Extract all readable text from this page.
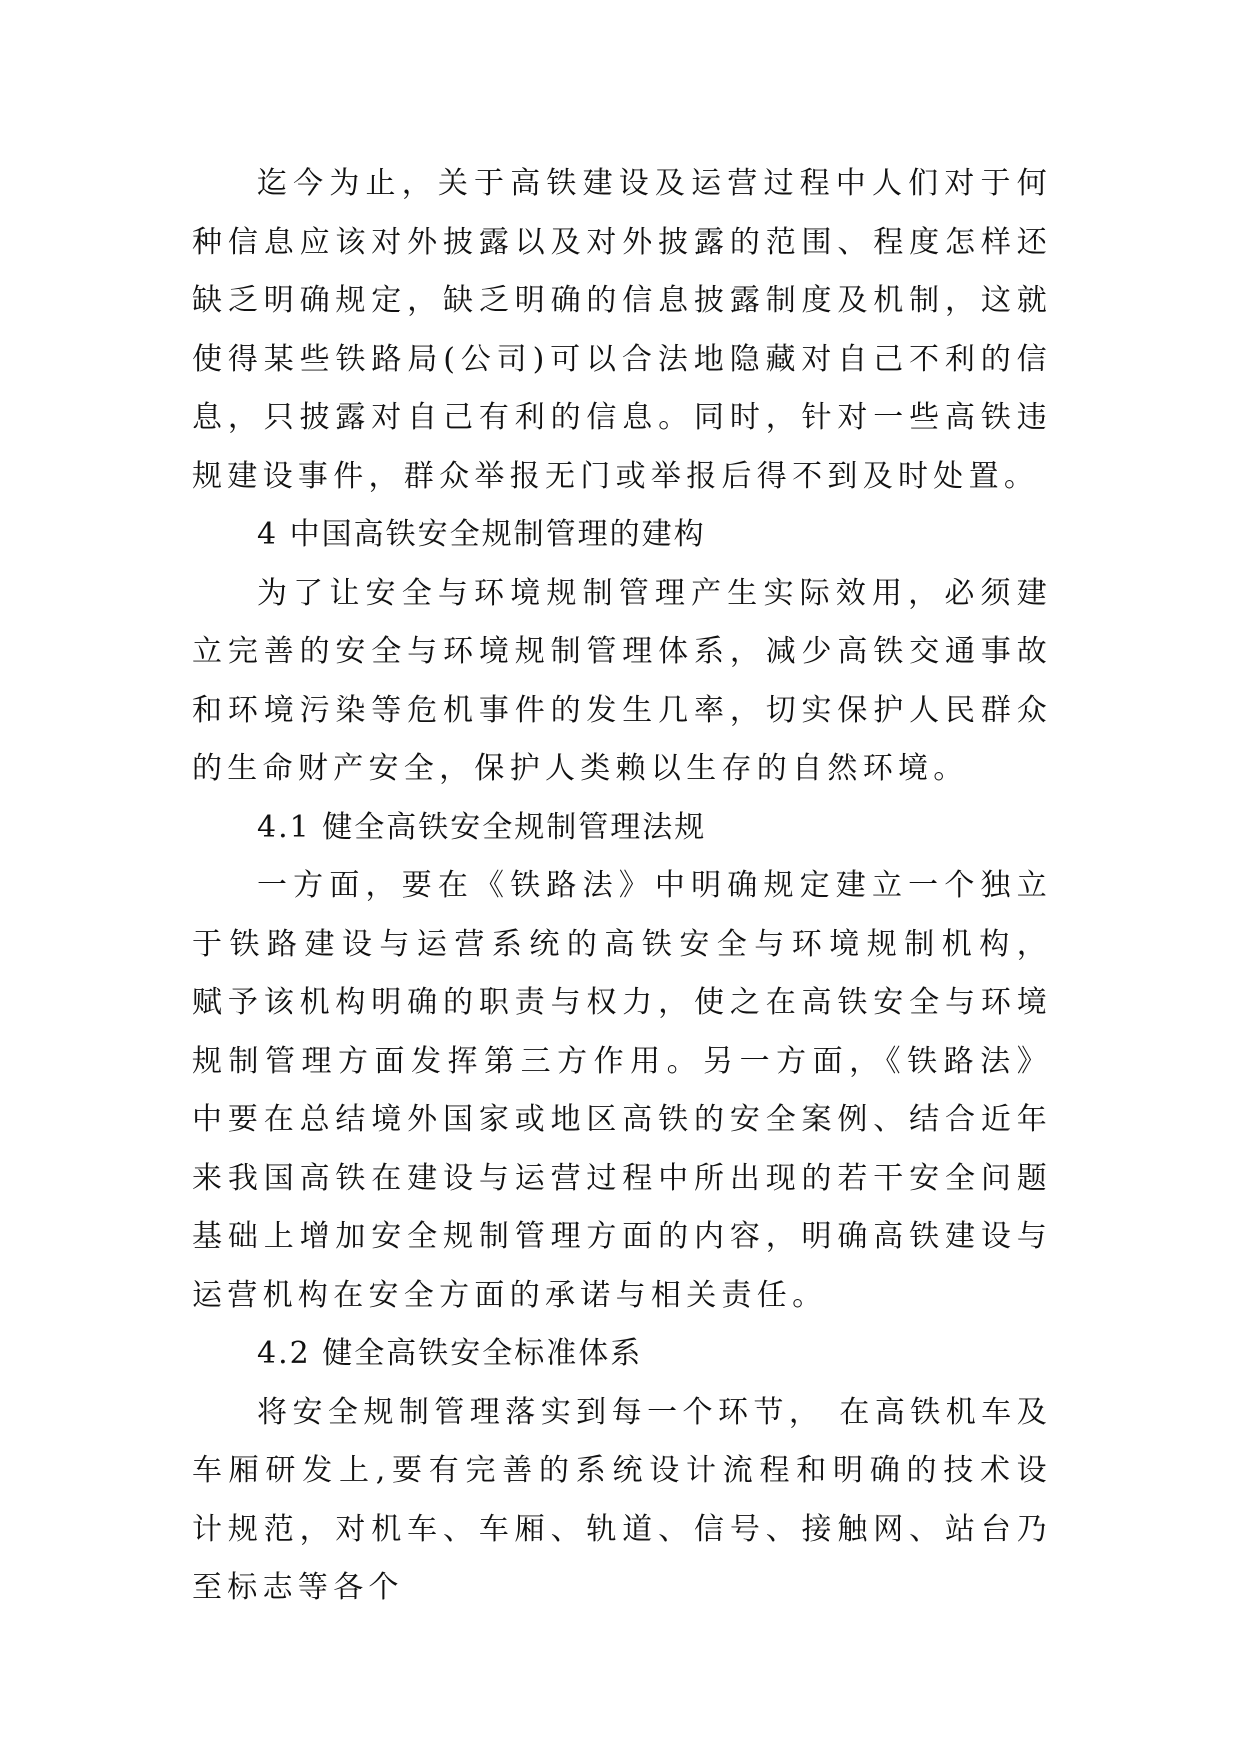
迄今为止，关于高铁建设及运营过程中人们对于何种信息应该对外披露以及对外披露的范围、程度怎样还缺乏明确规定，缺乏明确的信息披露制度及机制，这就使得某些铁路局(公司)可以合法地隐藏对自己不利的信息，只披露对自己有利的信息。同时，针对一些高铁违规建设事件，群众举报无门或举报后得不到及时处置。

4 中国高铁安全规制管理的建构

为了让安全与环境规制管理产生实际效用，必须建立完善的安全与环境规制管理体系，减少高铁交通事故和环境污染等危机事件的发生几率，切实保护人民群众的生命财产安全，保护人类赖以生存的自然环境。

4.1 健全高铁安全规制管理法规

一方面，要在《铁路法》中明确规定建立一个独立于铁路建设与运营系统的高铁安全与环境规制机构， 赋予该机构明确的职责与权力，使之在高铁安全与环境规制管理方面发挥第三方作用。另一方面，《铁路法》中要在总结境外国家或地区高铁的安全案例、结合近年来我国高铁在建设与运营过程中所出现的若干安全问题基础上增加安全规制管理方面的内容，明确高铁建设与运营机构在安全方面的承诺与相关责任。

4.2 健全高铁安全标准体系

将安全规制管理落实到每一个环节， 在高铁机车及车厢研发上,要有完善的系统设计流程和明确的技术设计规范，对机车、车厢、轨道、信号、接触网、站台乃至标志等各个
